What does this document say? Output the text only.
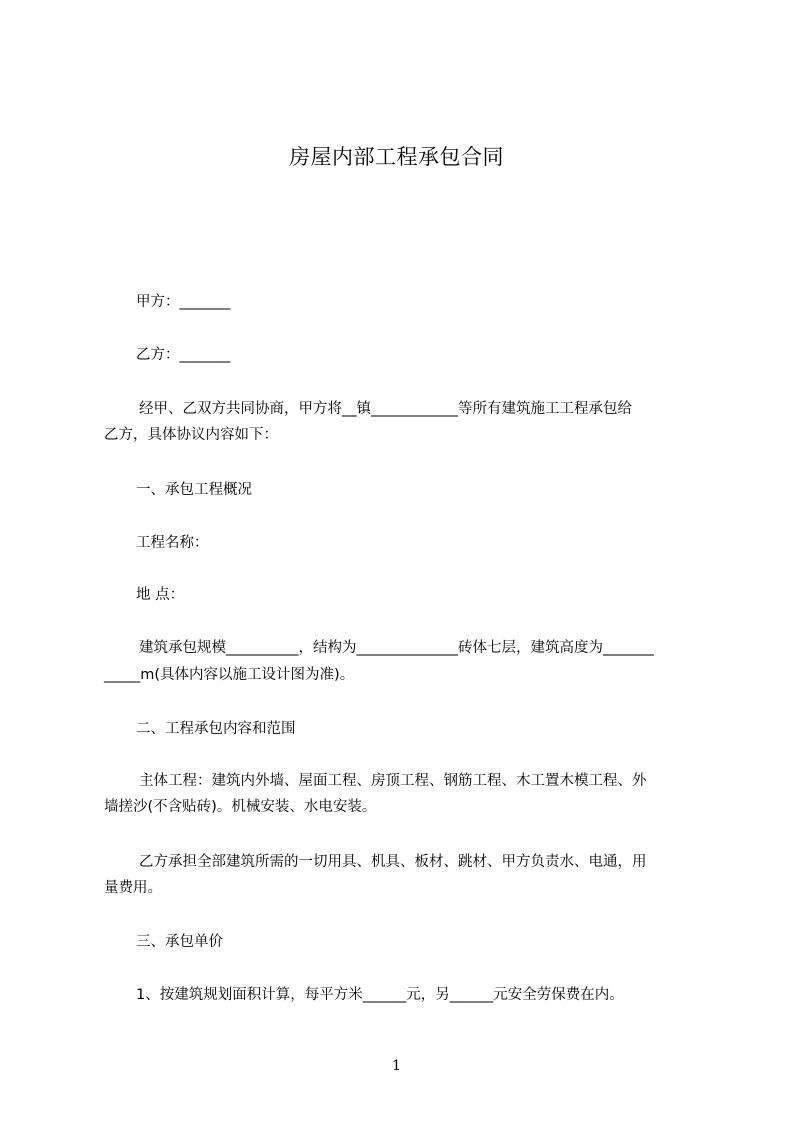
房屋内部工程承包合同
甲方：_______
乙方：_______
经甲、乙双方共同协商，甲方将__镇____________等所有建筑施工工程承包给
乙方，具体协议内容如下：
一、承包工程概况
工程名称：
地 点：
建筑承包规模__________，结构为______________砖体七层，建筑高度为_______
_____m(具体内容以施工设计图为准)。
二、工程承包内容和范围
主体工程：建筑内外墙、屋面工程、房顶工程、钢筋工程、木工置木模工程、外
墙搓沙(不含贴砖)。机械安装、水电安装。
乙方承担全部建筑所需的一切用具、机具、板材、跳材、甲方负责水、电通，用
量费用。
三、承包单价
1、按建筑规划面积计算，每平方米______元，另______元安全劳保费在内。
1
